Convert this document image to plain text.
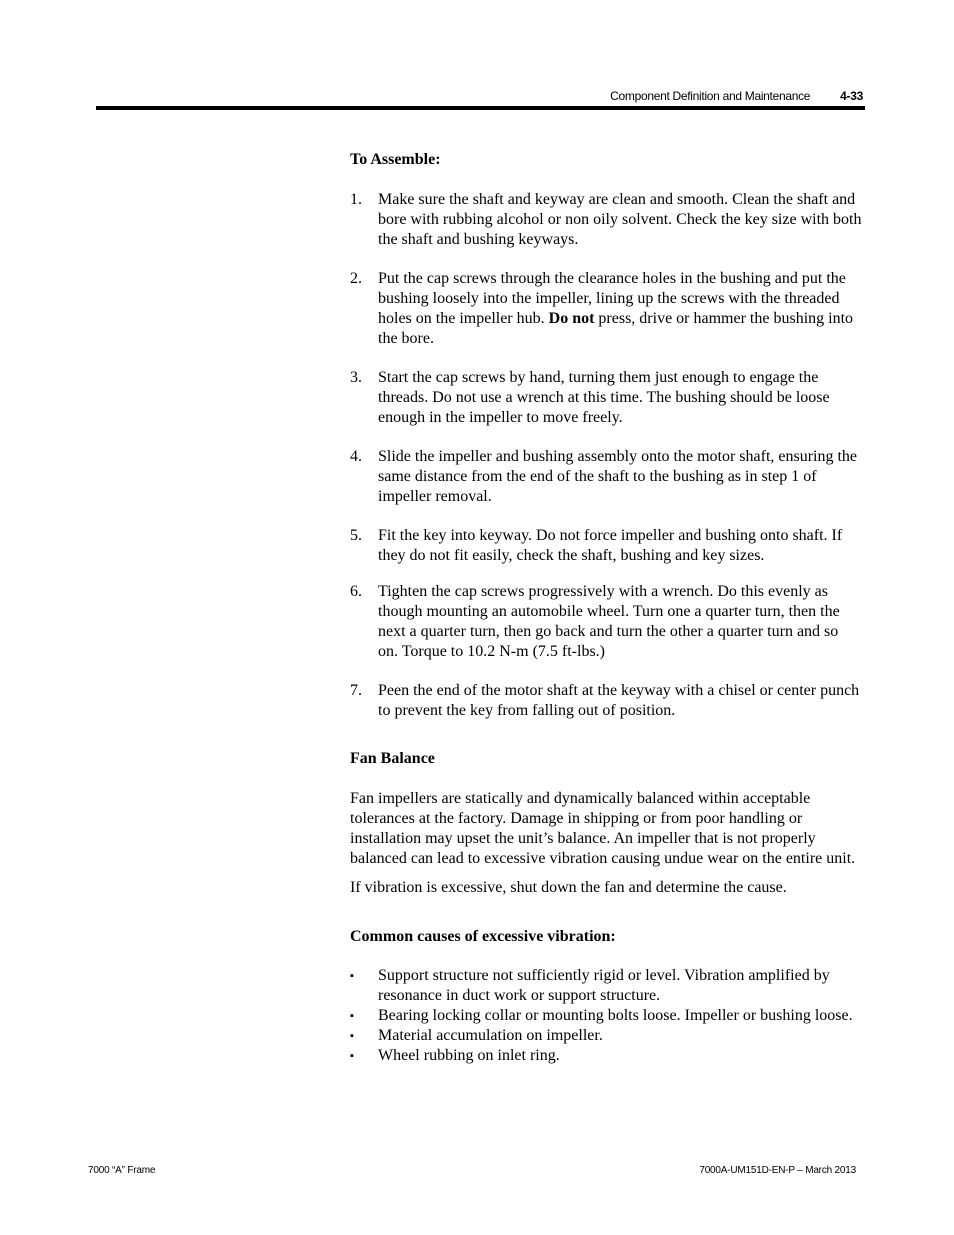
Component Definition and Maintenance	4-33

To Assemble:

1.	Make sure the shaft and keyway are clean and smooth. Clean the shaft and bore with rubbing alcohol or non oily solvent. Check the key size with both the shaft and bushing keyways.
2.	Put the cap screws through the clearance holes in the bushing and put the bushing loosely into the impeller, lining up the screws with the threaded holes on the impeller hub. Do not press, drive or hammer the bushing into the bore.
3.	Start the cap screws by hand, turning them just enough to engage the threads. Do not use a wrench at this time. The bushing should be loose enough in the impeller to move freely.
4.	Slide the impeller and bushing assembly onto the motor shaft, ensuring the same distance from the end of the shaft to the bushing as in step 1 of impeller removal.
5.	Fit the key into keyway. Do not force impeller and bushing onto shaft. If they do not fit easily, check the shaft, bushing and key sizes.
6.	Tighten the cap screws progressively with a wrench. Do this evenly as though mounting an automobile wheel. Turn one a quarter turn, then the next a quarter turn, then go back and turn the other a quarter turn and so on. Torque to 10.2 N-m (7.5 ft-lbs.)
7.	Peen the end of the motor shaft at the keyway with a chisel or center punch to prevent the key from falling out of position.

Fan Balance

Fan impellers are statically and dynamically balanced within acceptable tolerances at the factory. Damage in shipping or from poor handling or installation may upset the unit’s balance. An impeller that is not properly balanced can lead to excessive vibration causing undue wear on the entire unit.

If vibration is excessive, shut down the fan and determine the cause.

Common causes of excessive vibration:

▪	Support structure not sufficiently rigid or level. Vibration amplified by resonance in duct work or support structure.
▪	Bearing locking collar or mounting bolts loose. Impeller or bushing loose.
▪	Material accumulation on impeller.
▪	Wheel rubbing on inlet ring.
7000 “A” Frame	7000A-UM151D-EN-P – March 2013
